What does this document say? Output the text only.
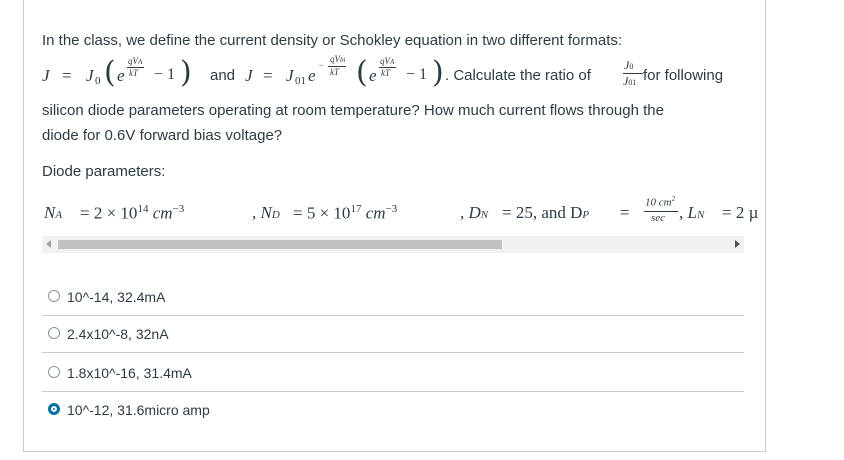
In the class, we define the current density or Schokley equation in two different formats:
J = J 0 ( e
qVA
kT − 1 ) and J = J 01 e
−
qVbi
kT ( e
qVA
kT − 1 ) . Calculate the ratio of
J0
J01 for following
silicon diode parameters operating at room temperature? How much current flows through the
diode for 0.6V forward bias voltage?
Diode parameters:
NA = $2 \times 10^{14}$ $cm^{-3}$	, ND = $5 \times 10^{17}$ $cm^{-3}$	, DN = 25, and DP =
10 $cm^2$
sec , LN = 2 µ
10^-14, 32.4mA
2.4x10^-8, 32nA
1.8x10^-16, 31.4mA
10^-12, 31.6micro amp
